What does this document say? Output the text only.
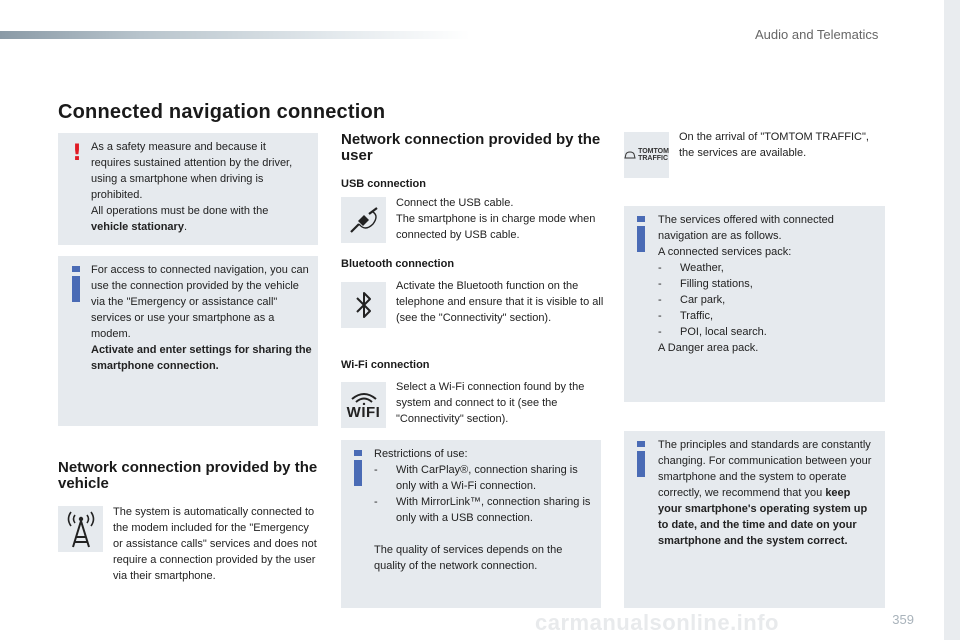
Audio and Telematics
Connected navigation connection
! As a safety measure and because it requires sustained attention by the driver, using a smartphone when driving is prohibited.
All operations must be done with the vehicle stationary.
For access to connected navigation, you can use the connection provided by the vehicle via the "Emergency or assistance call" services or use your smartphone as a modem.
Activate and enter settings for sharing the smartphone connection.
Network connection provided by the vehicle
The system is automatically connected to the modem included for the "Emergency or assistance calls" services and does not require a connection provided by the user via their smartphone.
Network connection provided by the user
USB connection
Connect the USB cable.
The smartphone is in charge mode when connected by USB cable.
Bluetooth connection
Activate the Bluetooth function on the telephone and ensure that it is visible to all (see the "Connectivity" section).
Wi-Fi connection
WIFI
Select a Wi-Fi connection found by the system and connect to it (see the "Connectivity" section).
Restrictions of use:
- With CarPlay®, connection sharing is only with a Wi-Fi connection.
- With MirrorLink™, connection sharing is only with a USB connection.
The quality of services depends on the quality of the network connection.
TOMTOM
TRAFFIC
On the arrival of "TOMTOM TRAFFIC", the services are available.
The services offered with connected navigation are as follows.
A connected services pack:
- Weather,
- Filling stations,
- Car park,
- Traffic,
- POI, local search.
A Danger area pack.
The principles and standards are constantly changing. For communication between your smartphone and the system to operate correctly, we recommend that you keep your smartphone's operating system up to date, and the time and date on your smartphone and the system correct.
carmanualsonline.info	359
